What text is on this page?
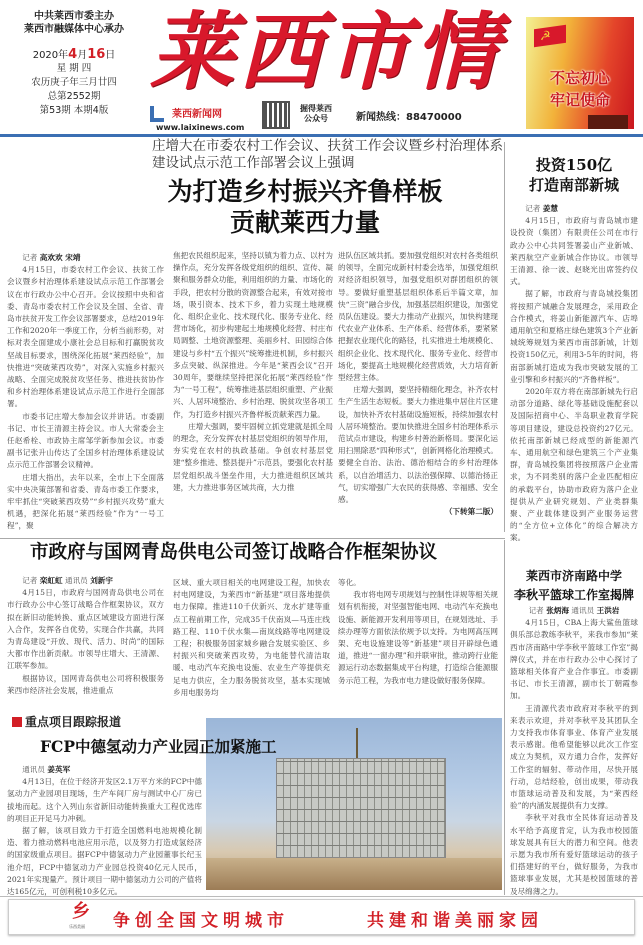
中共莱西市委主办
莱西市融媒体中心承办
2020年4月16日
星 期 四
农历庚子年三月廿四
总第2552期
第53期 本期4版
莱西市情
莱西新闻网
www.laixinews.com
掘得莱西 公众号	新闻热线：88470000
☭
不忘初心
牢记使命
庄增大在市委农村工作会议、扶贫工作会议暨乡村治理体系建设试点示范工作部署会议上强调
为打造乡村振兴齐鲁样板
贡献莱西力量

记者 高欢欢 宋靖

4月15日，市委农村工作会议、扶贫工作会议暨乡村治理体系建设试点示范工作部署会议在市行政办公中心召开。会议按照中央和省委、青岛市委农村工作会议及全国、全省、青岛市扶贫开发工作会议部署要求，总结2019年工作和2020年一季度工作，分析当前形势，对标对表全面建成小康社会总目标和打赢脱贫攻坚战目标要求，围绕深化拓展“莱西经验”，加快推进“突破莱西攻势”，对深入实施乡村振兴战略、全面完成脱贫攻坚任务、推进扶贫协作和乡村治理体系建设试点示范工作进行全面部署。

市委书记庄增大参加会议并讲话。市委副书记、市长王清源主持会议。市人大常委会主任赵希栓、市政协主席邹学新参加会议。市委副书记张升山传达了全国乡村治理体系建设试点示范工作部署会议精神。

庄增大指出，去年以来，全市上下全面落实中央决策部署和省委、青岛市委工作要求，牢牢抓住“突破莱西攻势”“乡村振兴攻势”重大机遇，把深化拓展“莱西经验”作为“一号工程”，聚

焦把农民组织起来，坚持以镇为着力点、以村为操作点，充分发挥各级党组织的组织、宣传、凝聚和服务群众功能，利用组织的力量、市场化的手段，把农村分散的资源整合起来，有效对接市场，吸引资本、技术下乡，着力实现土地规模化、组织企业化、技术现代化、服务专业化、经营市场化，初步构建起土地规模化经营、村庄布局调整、土地资源整理、美丽乡村、田园综合体建设与乡村“五个振兴”统筹推进机制，乡村振兴多点突破、纵深推进。今年是“莱西会议”召开30周年，要继续坚持把深化拓展“莱西经验”作为“一号工程”，统筹推进基层组织重塑、产业振兴、人居环境整治、乡村治理、脱贫攻坚各项工作，为打造乡村振兴齐鲁样板贡献莱西力量。

庄增大强调，要牢固树立抓党建就是抓全局的理念，充分发挥农村基层党组织的领导作用，夯实党在农村的执政基础。争创农村基层党建“整乡推进、整县提升”示范县，要强化农村基层党组织战斗堡垒作用，大力推进组织区域共建，大力推进事务区域共商，大力推

进队伍区域共抓。要加强党组织对农村各类组织的领导，全面完成新村村委会选举，加强党组织对经济组织领导，加强党组织对群团组织的领导。要做好重塑基层组织体系后半篇文章，加快“三资”融合步伐，加强基层组织建设，加强党员队伍建设。要大力推动产业振兴，加快构建现代农业产业体系、生产体系、经营体系，要紧紧把握农业现代化的路径，扎实推进土地规模化、组织企业化、技术现代化、服务专业化、经营市场化，要提高土地规模化经营质效，大力培育新型经营主体。

庄增大强调，要坚持精细化理念，补齐农村生产生活生态短板。要大力推进集中居住片区建设，加快补齐农村基础设施短板，持续加强农村人居环境整治。要加快推进全国乡村治理体系示范试点市建设，构建乡村善治新格局。要深化运用扫黑除恶“四种形式”，创新网格化治理模式。要健全自治、法治、德治相结合的乡村治理体系，以自治增活力、以法治强保障、以德治扬正气，切实增强广大农民的获得感、幸福感、安全感。

（下转第二版）
投资150亿
打造南部新城

记者 姜慧

4月15日，市政府与青岛城市建设投资（集团）有限责任公司在市行政办公中心共同签署姜山产业新城、莱西航空产业新城合作协议。市领导王清源、徐一波、赵晓光出席签约仪式。

据了解，市政府与青岛城投集团将按照产城融合发展理念，采用政企合作模式，将姜山新能源汽车、店埠通用航空和夏格庄绿色建筑3个产业新城统筹规划为莱西市南部新城，计划投资150亿元，利用3-5年的时间，将南部新城打造成为我市突破发展的工业引擎和乡村振兴的“齐鲁样板”。

2020年双方将在南部新城先行启动部分道路、绿化等基础设施配套以及国际招商中心、半岛职业教育学院等项目建设，建设总投资约27亿元。依托南部新城已经成型的新能源汽车、通用航空和绿色建筑三个产业集群，青岛城投集团将按照落户企业需求，为不同类别的落户企业匹配相应的承载平台，协助市政府为落户企业提供从产业研究规划、产业类群集聚、产业载体建设到产业服务运营的“全方位+立体化”的综合解决方案。

市政府与国网青岛供电公司签订战略合作框架协议

记者 栾虹虹 通讯员 刘新宇

4月15日，市政府与国网青岛供电公司在市行政办公中心签订战略合作框架协议，双方拟在新旧动能转换、重点区域建设方面进行深入合作，发挥各自优势，实现合作共赢，共同为青岛建设“开放、现代、活力、时尚”的国际大都市作出新贡献。市领导庄增大、王清源、江联军参加。

根据协议，国网青岛供电公司将积极服务莱西市经济社会发展，推进重点

区域、重大项目相关的电网建设工程，加快农村电网建设，为莱西市“新基建”项目落地提供电力保障。推进110千伏新兴、龙水扩建等重点工程前期工作，完成35千伏南岚—马连庄线路工程、110千伏水集—南岚线路等电网建设工程；积极服务国家城乡融合发展实验区、乡村振兴和突破莱西攻势，为电能替代清洁取暖、电动汽车充换电设施、农业生产等提供充足电力供应，全力服务脱贫攻坚，基本实现城乡用电服务均

等化。

我市将电网专项规划与控制性详规等相关规划有机衔接，对坚强智能电网、电动汽车充换电设施、新能源开发利用等项目，在规划选址、手续办理等方面依法依规予以支持。为电网高压网架、充电设施建设等“新基建”项目开辟绿色通道，推进“一窗办理”和并联审批，推动跨行业能源运行动态数据集成平台构建，打造综合能源服务示范工程，为我市电力建设做好服务保障。

莱西市济南路中学
李秋平篮球工作室揭牌

记者 张炳海 通讯员 王洪岩

4月15日，CBA上海大鲨鱼篮球俱乐部总教练李秋平，来我市参加“莱西市济南路中学李秋平篮球工作室”揭牌仪式，并在市行政办公中心探讨了篮球相关体育产业合作事宜。市委副书记、市长王清源，副市长丁朝霞参加。

王清源代表市政府对李秋平的到来表示欢迎，并对李秋平及其团队全力支持我市体育事业、体育产业发展表示感谢。他希望能够以此次工作室成立为契机，双方通力合作，发挥好工作室的辐射、带动作用，尽快开展行动，总结经验，创出成果，带动我市篮球运动普及和发展，为“莱西经验”的内涵发展提供有力支撑。

李秋平对我市全民体育运动普及水平给予高度肯定，认为我市校园篮球发展具有巨大的潜力和空间。他表示愿为我市所有爱好篮球运动的孩子们搭建好的平台，做好服务，为我市篮球事业发展，尤其是校园篮球的普及尽绵薄之力。

重点项目跟踪报道
FCP中德氢动力产业园正加紧施工

通讯员 姜英军

4月13日，在位于经济开发区2.1万平方米的FCP中德氢动力产业园项目现场，生产车间厂房与测试中心厂房已拔地而起。这个入列山东省新旧动能转换重大工程优选库的项目正开足马力冲刺。

据了解，该项目致力于打造全国燃料电池规模化制造、着力推动燃料电池应用示范，以及努力打造成氢经济的国家级重点项目。据FCP中德氢动力产业园董事长纪玉池介绍，FCP中德氢动力产业园总投资40亿元人民币，2021年实现量产。预计项目一期中德氢动力公司的产值将达165亿元，可创利税10多亿元。

乡
乐西美丽 争创全国文明城市	共建和谐美丽家园
